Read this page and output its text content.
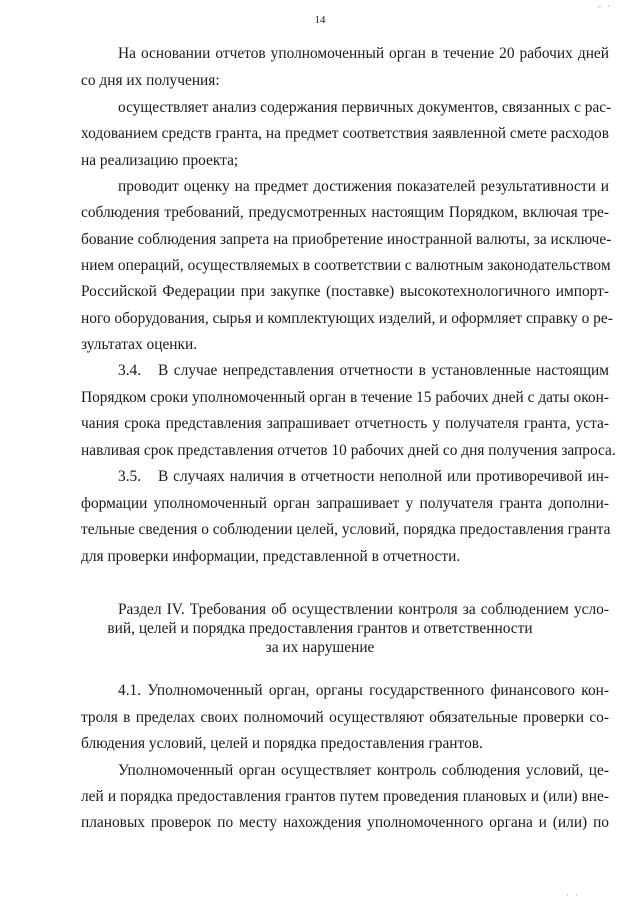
- ·
14
На основании отчетов уполномоченный орган в течение 20 рабочих дней
со дня их получения:
осуществляет анализ содержания первичных документов, связанных с рас-
ходованием средств гранта, на предмет соответствия заявленной смете расходов
на реализацию проекта;
проводит оценку на предмет достижения показателей результативности и
соблюдения требований, предусмотренных настоящим Порядком, включая тре-
бование соблюдения запрета на приобретение иностранной валюты, за исключе-
нием операций, осуществляемых в соответствии с валютным законодательством
Российской Федерации при закупке (поставке) высокотехнологичного импорт-
ного оборудования, сырья и комплектующих изделий, и оформляет справку о ре-
зультатах оценки.
3.4. В случае непредставления отчетности в установленные настоящим
Порядком сроки уполномоченный орган в течение 15 рабочих дней с даты окон-
чания срока представления запрашивает отчетность у получателя гранта, уста-
навливая срок представления отчетов 10 рабочих дней со дня получения запроса.
3.5. В случаях наличия в отчетности неполной или противоречивой ин-
формации уполномоченный орган запрашивает у получателя гранта дополни-
тельные сведения о соблюдении целей, условий, порядка предоставления гранта
для проверки информации, представленной в отчетности.
Раздел IV. Требования об осуществлении контроля за соблюдением усло-
вий, целей и порядка предоставления грантов и ответственности
за их нарушение
4.1. Уполномоченный орган, органы государственного финансового кон-
троля в пределах своих полномочий осуществляют обязательные проверки со-
блюдения условий, целей и порядка предоставления грантов.
Уполномоченный орган осуществляет контроль соблюдения условий, це-
лей и порядка предоставления грантов путем проведения плановых и (или) вне-
плановых проверок по месту нахождения уполномоченного органа и (или) по
· ·
